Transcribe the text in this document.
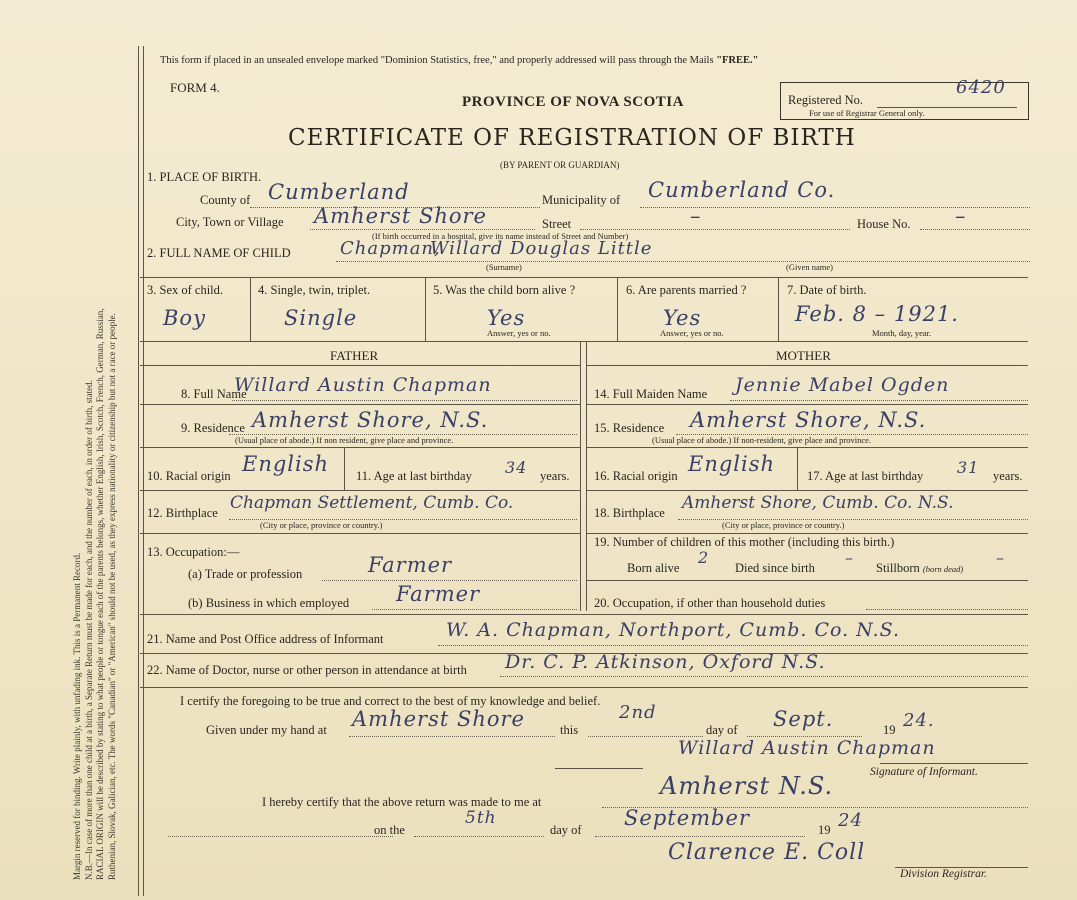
Margin reserved for binding. Write plainly, with unfading ink. This is a Permanent Record. N.B.—In case of more than one child at a birth, a Separate Return must be made for each, and the number of each, in order of birth, stated. RACIAL ORIGIN will be described by stating to what people or tongue each of the parents belongs, whether English, Irish, Scotch, French, German, Russian, Ruthenian, Slovak, Galician, etc. The words "Canadian" or "American" should not be used, as they express nationality or citizenship but not a race or people.
This form if placed in an unsealed envelope marked "Dominion Statistics, free," and properly addressed will pass through the Mails "FREE."
FORM 4.
PROVINCE OF NOVA SCOTIA
CERTIFICATE OF REGISTRATION OF BIRTH
(BY PARENT OR GUARDIAN)
Registered No.
6420
For use of Registrar General only.
1. PLACE OF BIRTH.
County of Cumberland	Municipality of Cumberland Co.
City, Town or Village Amherst Shore	Street	–	House No. –
(If birth occurred in a hospital, give its name instead of Street and Number)
2. FULL NAME OF CHILD	Chapman,
Willard Douglas Little
(Surname)	(Given name)
3. Sex of child.
Boy
4. Single, twin, triplet.
Single
5. Was the child born alive ?
Yes
Answer, yes or no.
6. Are parents married ?
Yes
Answer, yes or no.
7. Date of birth.
Feb. 8 – 1921.
Month, day, year.
FATHER	MOTHER
8. Full Name
Willard Austin Chapman
9. Residence Amherst Shore, N.S.
(Usual place of abode.) If non resident, give place and province.
10. Racial origin English 11. Age at last birthday 34 years.
12. Birthplace Chapman Settlement, Cumb. Co.
(City or place, province or country.)
13. Occupation:—
(a) Trade or profession	Farmer
(b) Business in which employed Farmer
14. Full Maiden Name Jennie Mabel Ogden
15. Residence Amherst Shore, N.S.
(Usual place of abode.) If non-resident, give place and province.
16. Racial origin English	17. Age at last birthday 31 years.
18. Birthplace Amherst Shore, Cumb. Co. N.S.
(City or place, province or country.)
19. Number of children of this mother (including this birth.)
Born alive
2
Died since birth
–
Stillborn (born dead)
–
20. Occupation, if other than household duties
21. Name and Post Office address of Informant	W. A. Chapman, Northport, Cumb. Co. N.S.
22. Name of Doctor, nurse or other person in attendance at birth Dr. C. P. Atkinson, Oxford N.S.
I certify the foregoing to be true and correct to the best of my knowledge and belief.
Given under my hand at Amherst Shore	this
2nd
day of Sept.	19 24.
Willard Austin Chapman
Signature of Informant.
I hereby certify that the above return was made to me at
Amherst N.S.
on the
5th
day of September	19 24
Clarence E. Coll
Division Registrar.
